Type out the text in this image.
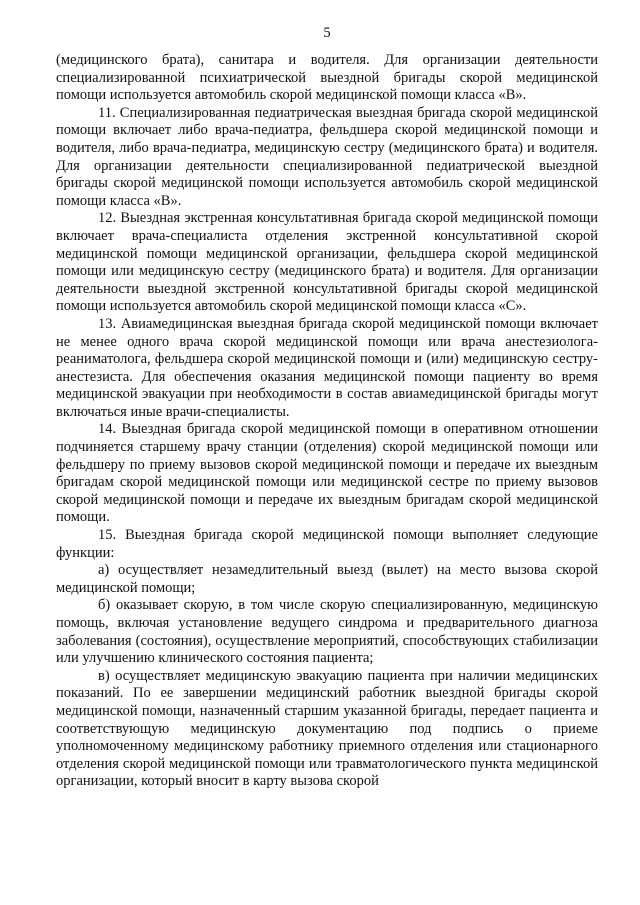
5

(медицинского брата), санитара и водителя. Для организации деятельности специализированной психиатрической выездной бригады скорой медицинской помощи используется автомобиль скорой медицинской помощи класса «В».

11. Специализированная педиатрическая выездная бригада скорой медицинской помощи включает либо врача-педиатра, фельдшера скорой медицинской помощи и водителя, либо врача-педиатра, медицинскую сестру (медицинского брата) и водителя. Для организации деятельности специализированной педиатрической выездной бригады скорой медицинской помощи используется автомобиль скорой медицинской помощи класса «В».

12. Выездная экстренная консультативная бригада скорой медицинской помощи включает врача-специалиста отделения экстренной консультативной скорой медицинской помощи медицинской организации, фельдшера скорой медицинской помощи или медицинскую сестру (медицинского брата) и водителя. Для организации деятельности выездной экстренной консультативной бригады скорой медицинской помощи используется автомобиль скорой медицинской помощи класса «С».

13. Авиамедицинская выездная бригада скорой медицинской помощи включает не менее одного врача скорой медицинской помощи или врача анестезиолога-реаниматолога, фельдшера скорой медицинской помощи и (или) медицинскую сестру-анестезиста. Для обеспечения оказания медицинской помощи пациенту во время медицинской эвакуации при необходимости в состав авиамедицинской бригады могут включаться иные врачи-специалисты.

14. Выездная бригада скорой медицинской помощи в оперативном отношении подчиняется старшему врачу станции (отделения) скорой медицинской помощи или фельдшеру по приему вызовов скорой медицинской помощи и передаче их выездным бригадам скорой медицинской помощи или медицинской сестре по приему вызовов скорой медицинской помощи и передаче их выездным бригадам скорой медицинской помощи.

15. Выездная бригада скорой медицинской помощи выполняет следующие функции:

а) осуществляет незамедлительный выезд (вылет) на место вызова скорой медицинской помощи;

б) оказывает скорую, в том числе скорую специализированную, медицинскую помощь, включая установление ведущего синдрома и предварительного диагноза заболевания (состояния), осуществление мероприятий, способствующих стабилизации или улучшению клинического состояния пациента;

в) осуществляет медицинскую эвакуацию пациента при наличии медицинских показаний. По ее завершении медицинский работник выездной бригады скорой медицинской помощи, назначенный старшим указанной бригады, передает пациента и соответствующую медицинскую документацию под подпись о приеме уполномоченному медицинскому работнику приемного отделения или стационарного отделения скорой медицинской помощи или травматологического пункта медицинской организации, который вносит в карту вызова скорой
